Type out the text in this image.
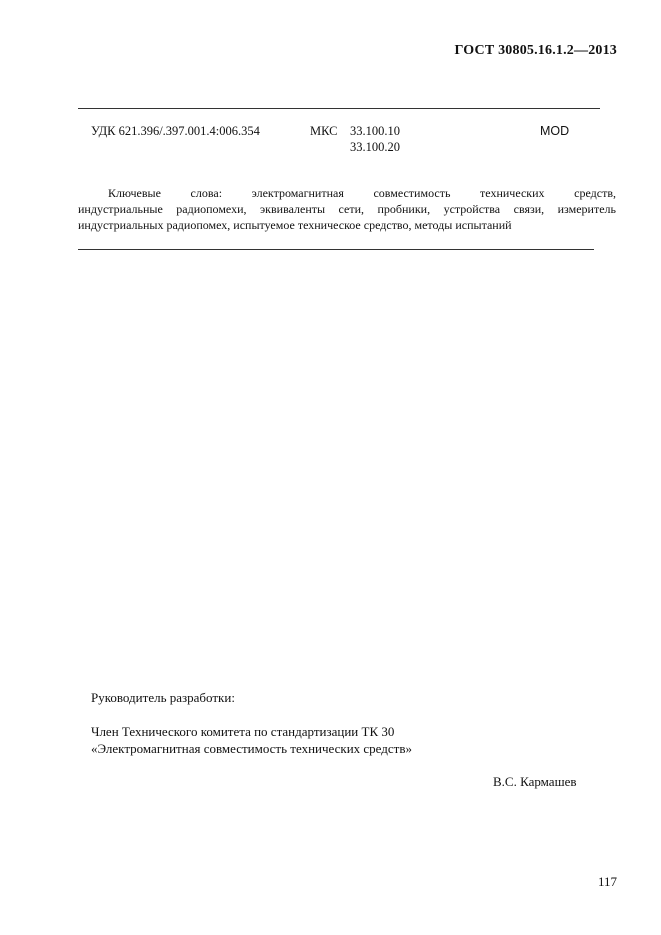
ГОСТ 30805.16.1.2—2013
УДК 621.396/.397.001.4:006.354	МКС 33.100.10
33.100.20
MOD
Ключевые слова: электромагнитная совместимость технических средств,
индустриальные радиопомехи, эквиваленты сети, пробники, устройства связи, измеритель
индустриальных радиопомех, испытуемое техническое средство, методы испытаний
Руководитель разработки:
Член Технического комитета по стандартизации ТК 30
«Электромагнитная совместимость технических средств»
В.С. Кармашев
117
